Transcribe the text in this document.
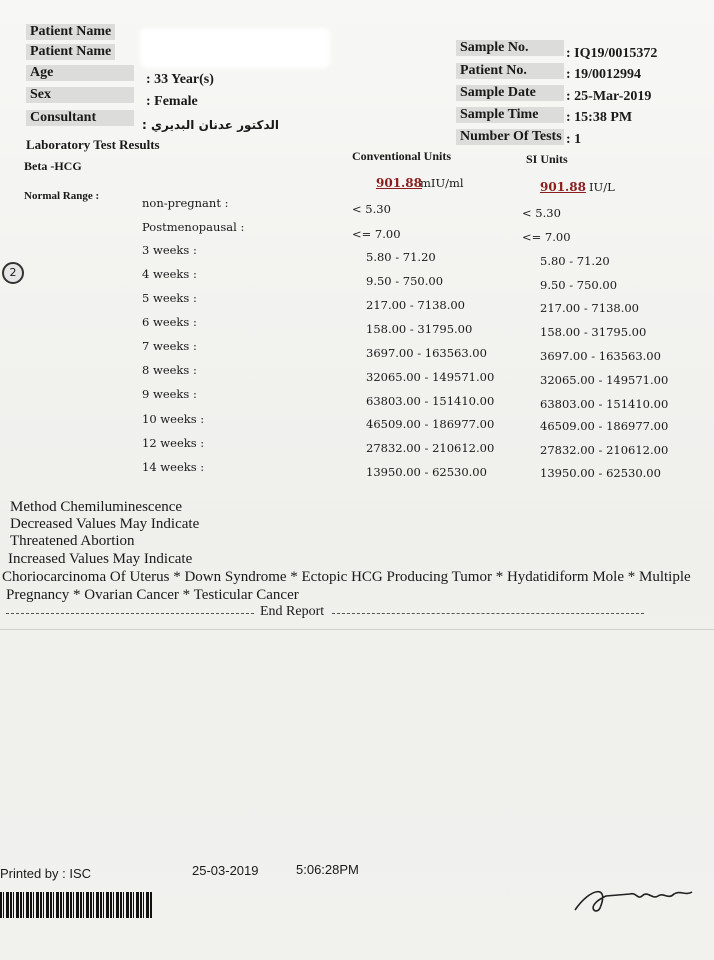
Patient Name
Patient Name
Age	: 33 Year(s)
Sex	: Female
Consultant	: الدكتور عدنان البديري
Sample No.	: IQ19/0015372
Patient No.	: 19/0012994
Sample Date	: 25-Mar-2019
Sample Time	: 15:38 PM
Number Of Tests : 1
Laboratory Test Results
Conventional Units	SI Units
Beta -HCG
901.88
mIU/ml	901.88 IU/L
Normal Range :
2
non-pregnant :	< 5.30	< 5.30
Postmenopausal :	<= 7.00	<= 7.00
3 weeks :	5.80 - 71.20	5.80 - 71.20
4 weeks :	9.50 - 750.00	9.50 - 750.00
5 weeks :	217.00 - 7138.00	217.00 - 7138.00
6 weeks :	158.00 - 31795.00	158.00 - 31795.00
7 weeks :	3697.00 - 163563.00	3697.00 - 163563.00
8 weeks :	32065.00 - 149571.00	32065.00 - 149571.00
9 weeks :	63803.00 - 151410.00	63803.00 - 151410.00
10 weeks :	46509.00 - 186977.00	46509.00 - 186977.00
12 weeks :	27832.00 - 210612.00	27832.00 - 210612.00
14 weeks :	13950.00 - 62530.00	13950.00 - 62530.00
Method Chemiluminescence
Decreased Values May Indicate
Threatened Abortion
Increased Values May Indicate
Choriocarcinoma Of Uterus * Down Syndrome * Ectopic HCG Producing Tumor * Hydatidiform Mole * Multiple
Pregnancy * Ovarian Cancer * Testicular Cancer
End Report
Printed by : ISC	25-03-2019	5:06:28PM
